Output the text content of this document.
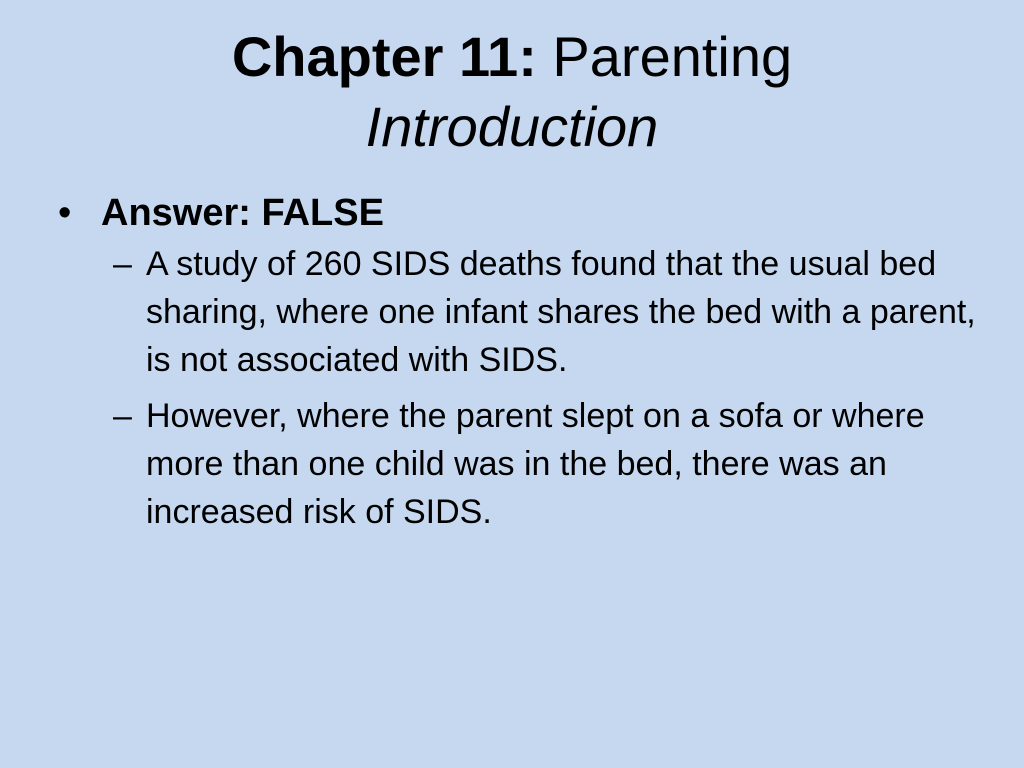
Chapter 11: Parenting
Introduction
• Answer: FALSE
– A study of 260 SIDS deaths found that the usual bed sharing, where one infant shares the bed with a parent, is not associated with SIDS.
– However, where the parent slept on a sofa or where more than one child was in the bed, there was an increased risk of SIDS.
